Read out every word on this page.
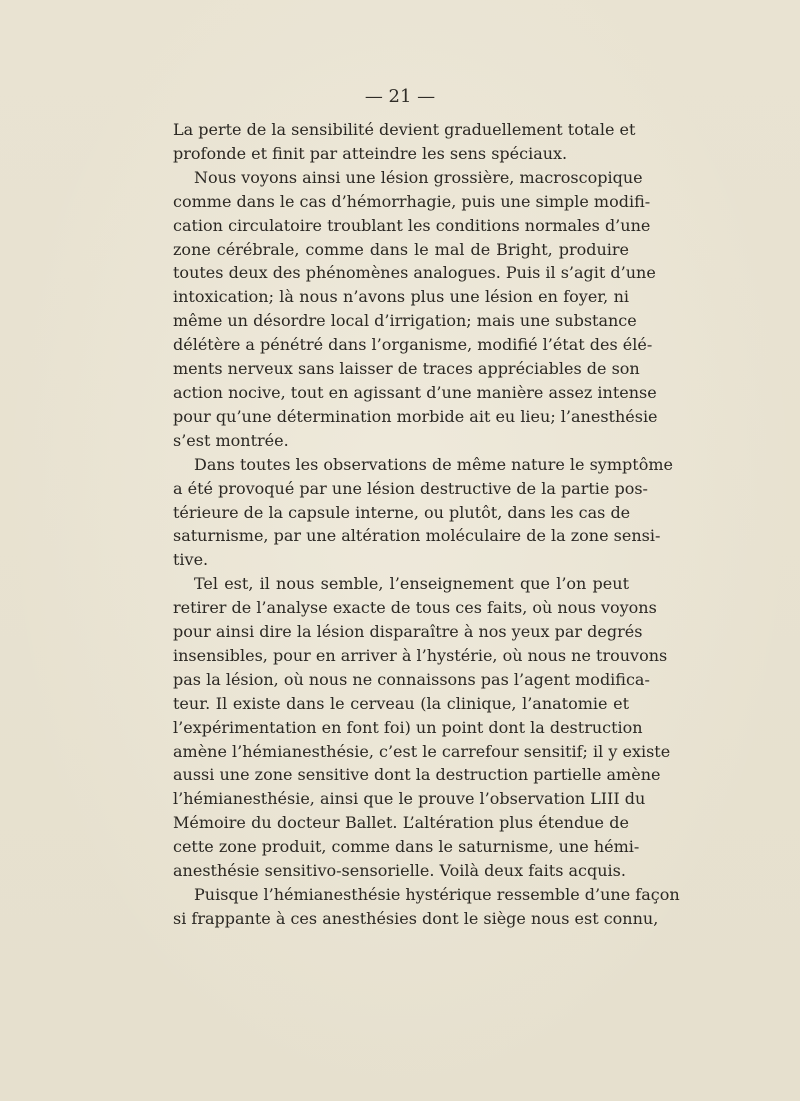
— 21 —
La perte de la sensibilité devient graduellement totale et
profonde et finit par atteindre les sens spéciaux.
Nous voyons ainsi une lésion grossière, macroscopique
comme dans le cas d’hémorrhagie, puis une simple modifi-
cation circulatoire troublant les conditions normales d’une
zone cérébrale, comme dans le mal de Bright, produire
toutes deux des phénomènes analogues. Puis il s’agit d’une
intoxication; là nous n’avons plus une lésion en foyer, ni
même un désordre local d’irrigation; mais une substance
délétère a pénétré dans l’organisme, modifié l’état des élé-
ments nerveux sans laisser de traces appréciables de son
action nocive, tout en agissant d’une manière assez intense
pour qu’une détermination morbide ait eu lieu; l’anesthésie
s’est montrée.
Dans toutes les observations de même nature le symptôme
a été provoqué par une lésion destructive de la partie pos-
térieure de la capsule interne, ou plutôt, dans les cas de
saturnisme, par une altération moléculaire de la zone sensi-
tive.
Tel est, il nous semble, l’enseignement que l’on peut
retirer de l’analyse exacte de tous ces faits, où nous voyons
pour ainsi dire la lésion disparaître à nos yeux par degrés
insensibles, pour en arriver à l’hystérie, où nous ne trouvons
pas la lésion, où nous ne connaissons pas l’agent modifica-
teur. Il existe dans le cerveau (la clinique, l’anatomie et
l’expérimentation en font foi) un point dont la destruction
amène l’hémianesthésie, c’est le carrefour sensitif; il y existe
aussi une zone sensitive dont la destruction partielle amène
l’hémianesthésie, ainsi que le prouve l’observation LIII du
Mémoire du docteur Ballet. L’altération plus étendue de
cette zone produit, comme dans le saturnisme, une hémi-
anesthésie sensitivo-sensorielle. Voilà deux faits acquis.
Puisque l’hémianesthésie hystérique ressemble d’une façon
si frappante à ces anesthésies dont le siège nous est connu,
